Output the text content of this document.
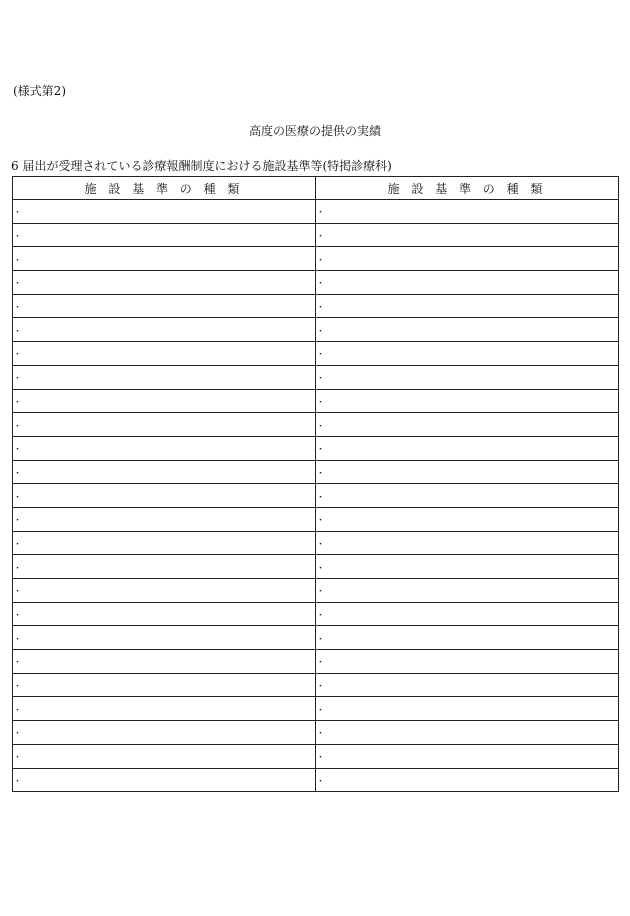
(様式第2)
高度の医療の提供の実績
6 届出が受理されている診療報酬制度における施設基準等(特掲診療科)
施 設 基 準 の 種 類	施 設 基 準 の 種 類
・	・
・	・
・	・
・	・
・	・
・	・
・	・
・	・
・	・
・	・
・	・
・	・
・	・
・	・
・	・
・	・
・	・
・	・
・	・
・	・
・	・
・	・
・	・
・	・
・	・
